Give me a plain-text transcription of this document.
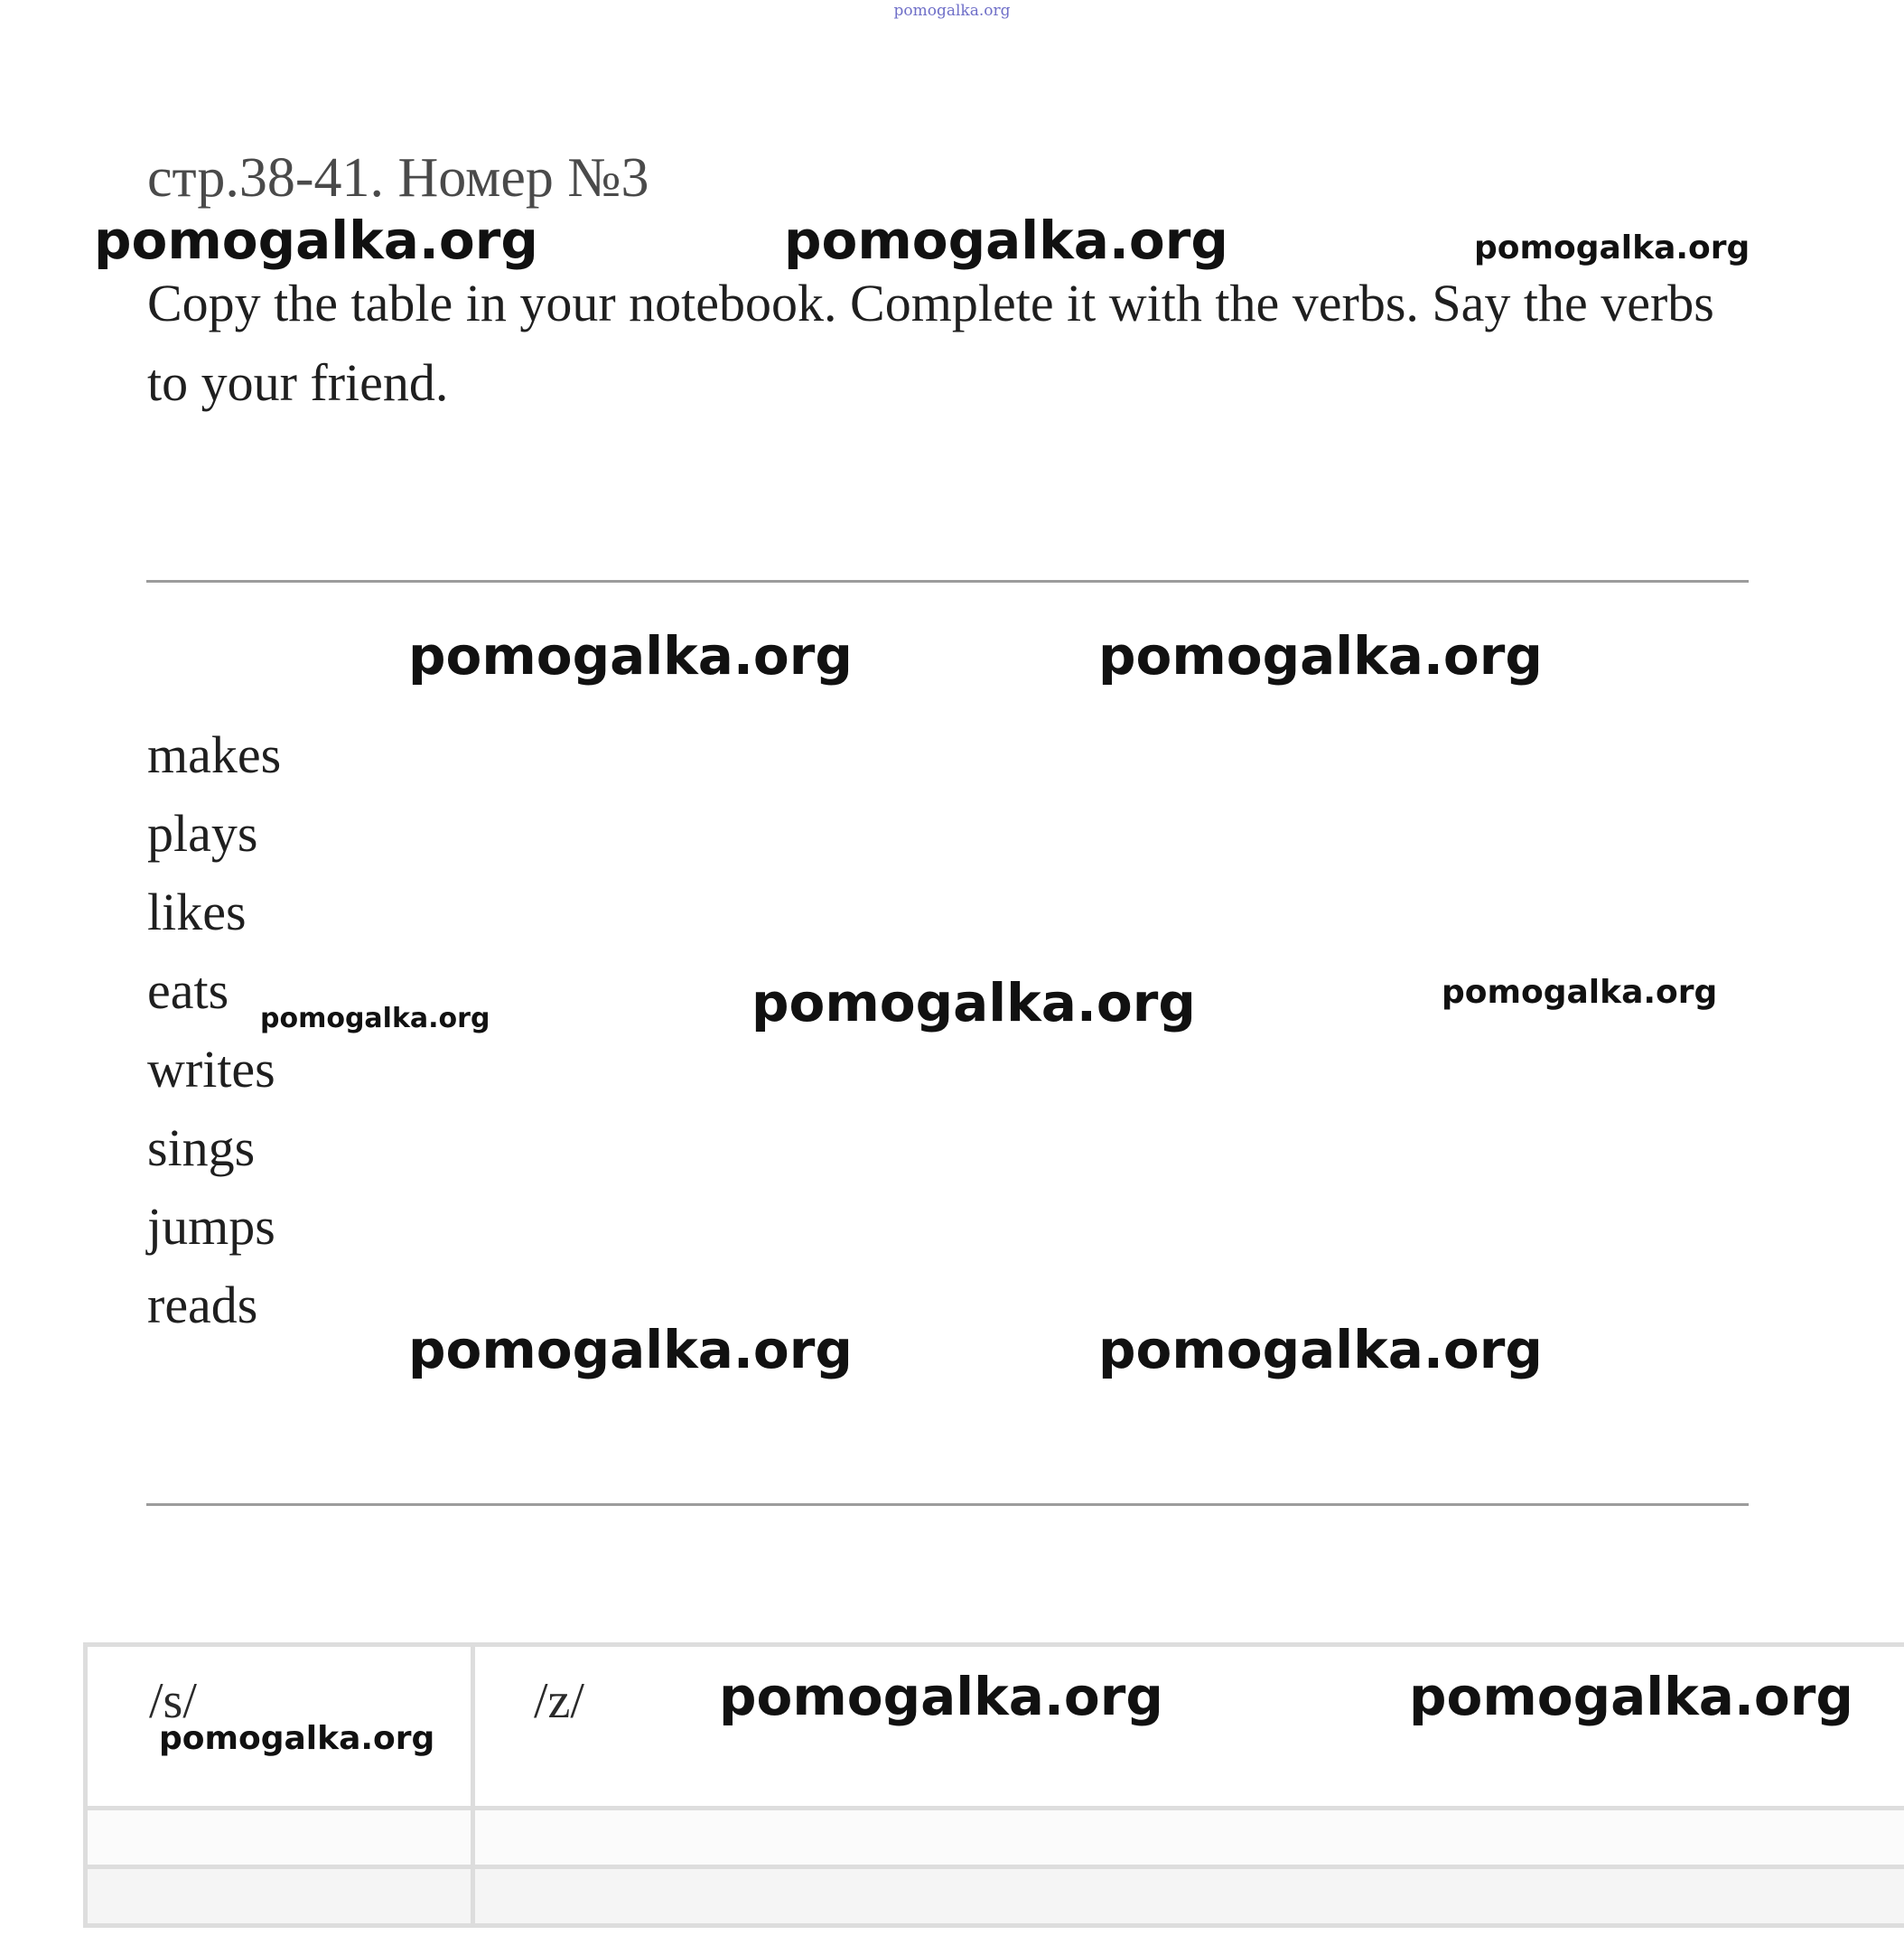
pomogalka.org
стр.38-41. Номер №3
Copy the table in your notebook. Complete it with the verbs. Say the verbs to your friend.
makes
plays
likes
eats
writes
sings
jumps
reads
/s/	/z/

pomogalka.org	pomogalka.org	pomogalka.org
pomogalka.org	pomogalka.org
pomogalka.org	pomogalka.org	pomogalka.org
pomogalka.org	pomogalka.org
pomogalka.org
pomogalka.org	pomogalka.org
